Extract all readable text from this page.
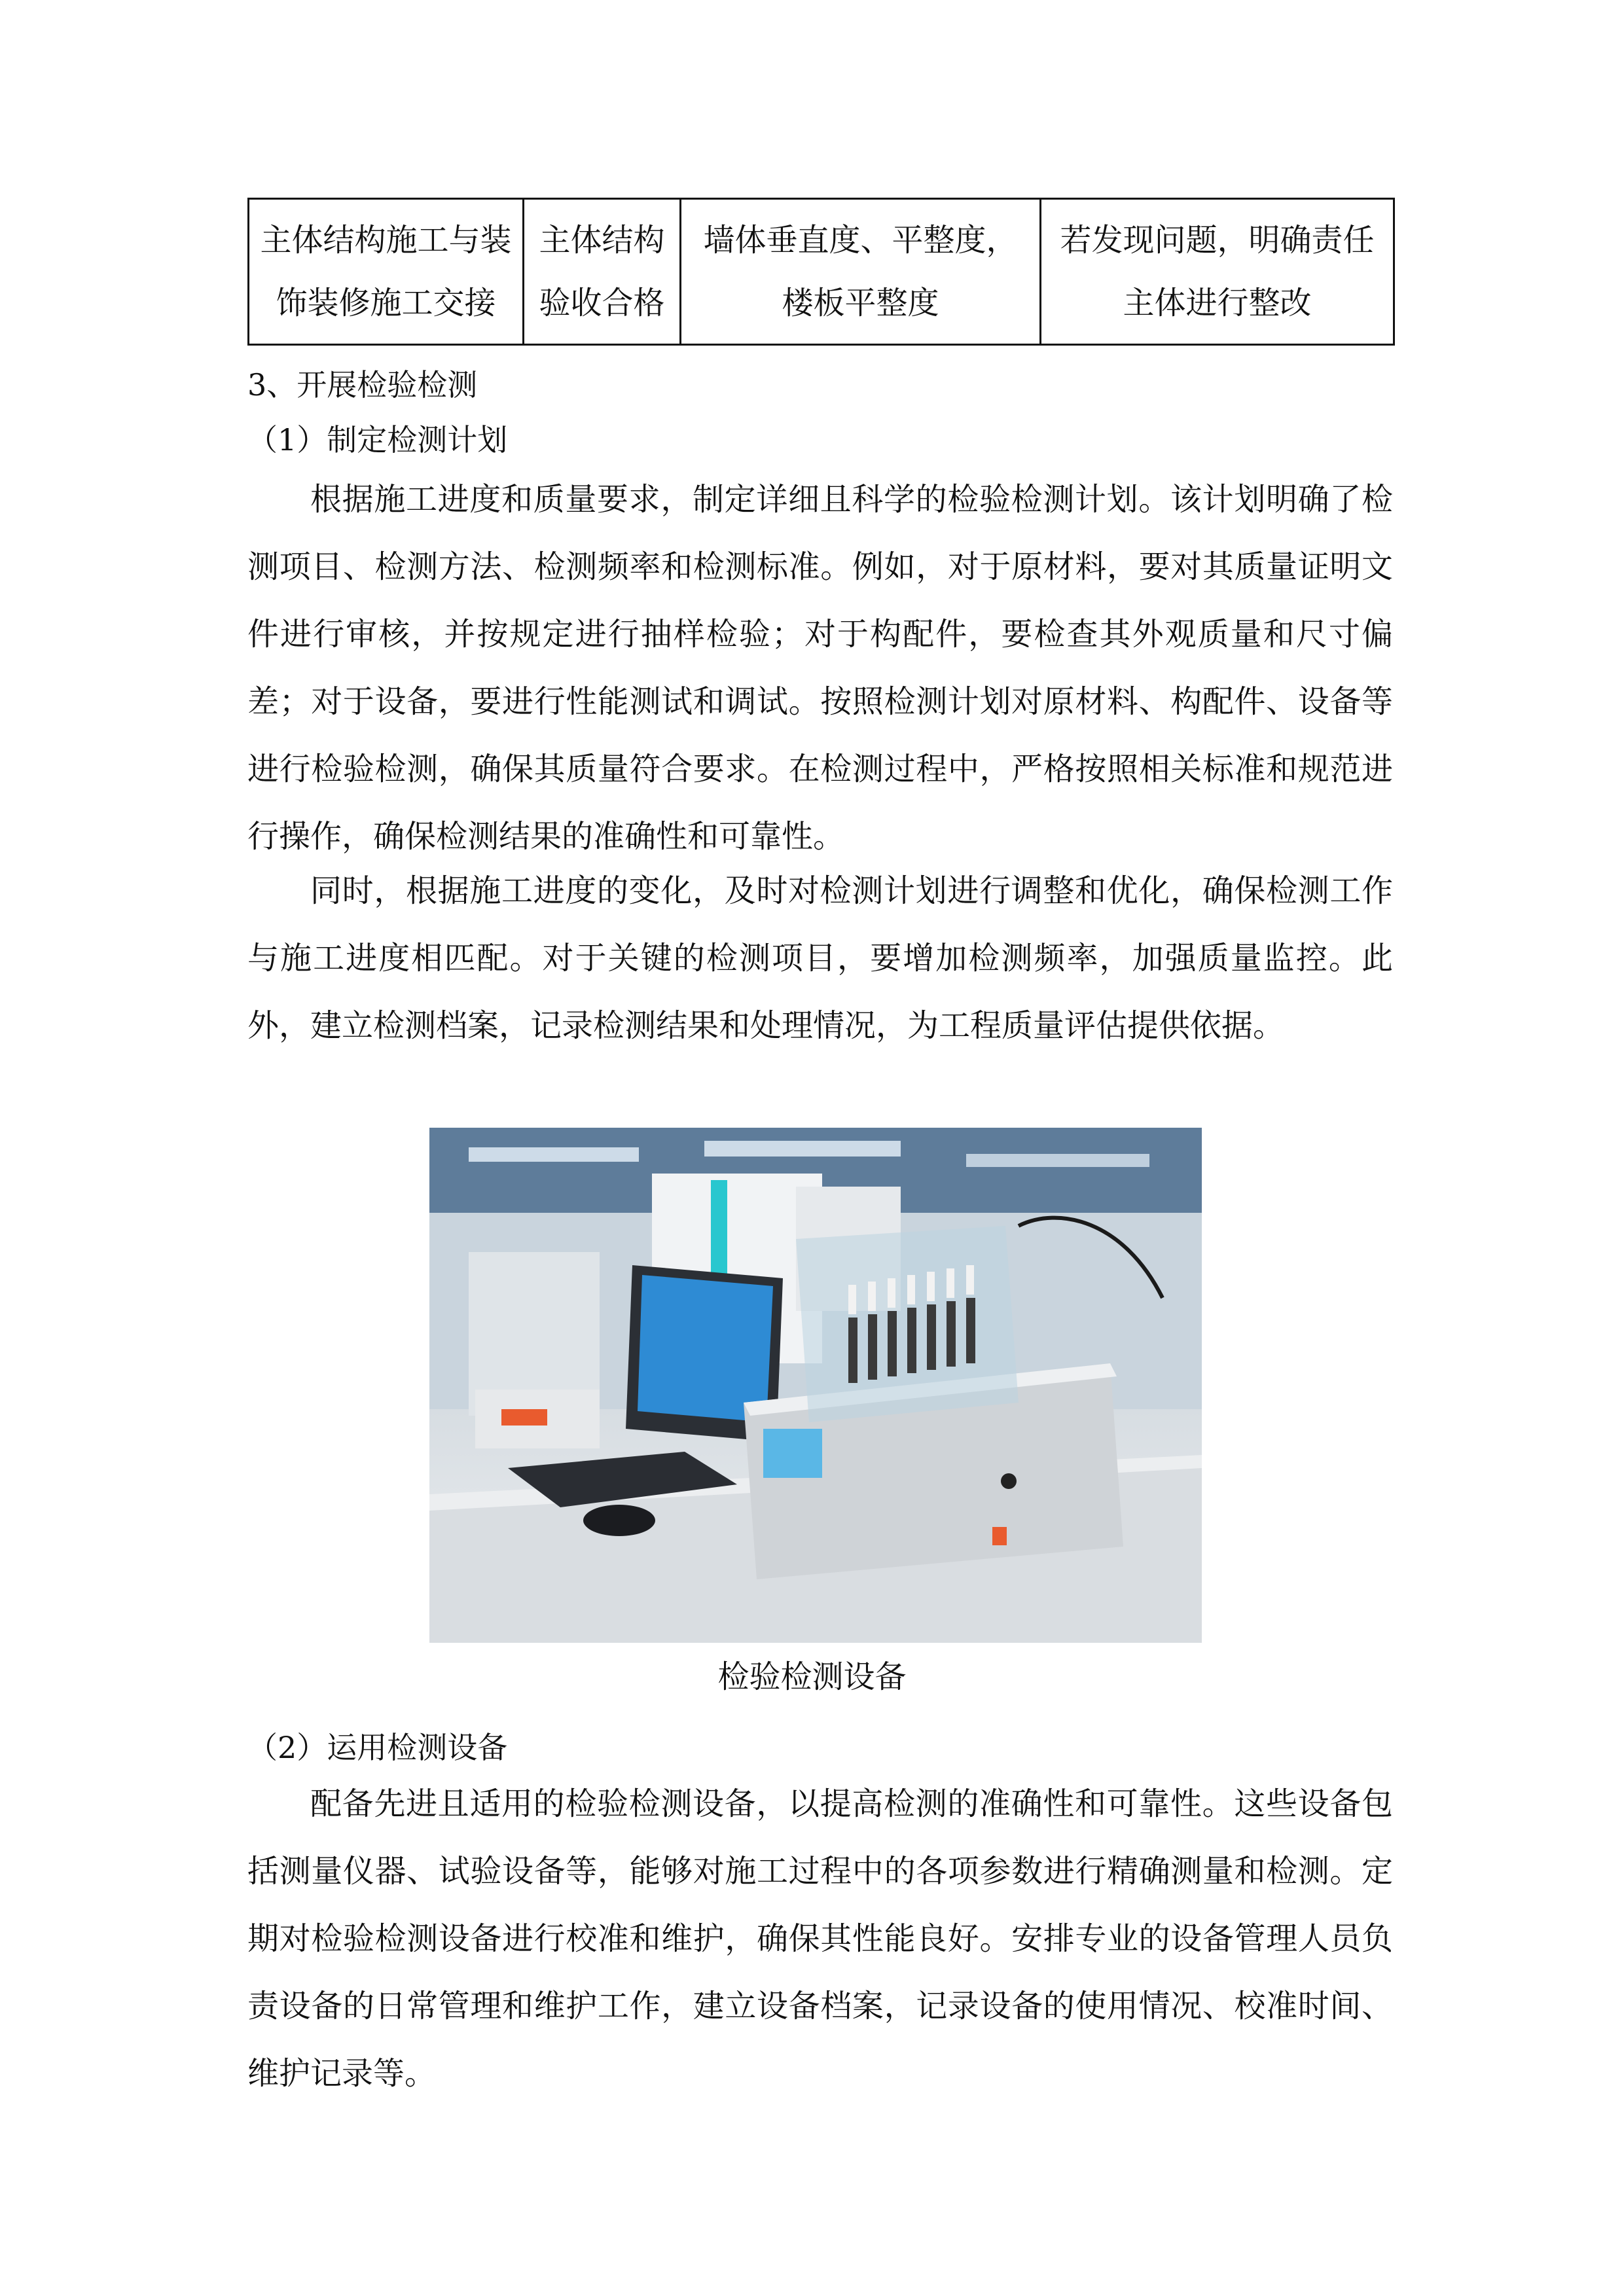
主体结构施工与装饰装修施工交接	主体结构验收合格	墙体垂直度、平整度，楼板平整度	若发现问题，明确责任主体进行整改
3、开展检验检测
（1）制定检测计划
根据施工进度和质量要求，制定详细且科学的检验检测计划。该计划明确了检测项目、检测方法、检测频率和检测标准。例如，对于原材料，要对其质量证明文件进行审核，并按规定进行抽样检验；对于构配件，要检查其外观质量和尺寸偏差；对于设备，要进行性能测试和调试。按照检测计划对原材料、构配件、设备等进行检验检测，确保其质量符合要求。在检测过程中，严格按照相关标准和规范进行操作，确保检测结果的准确性和可靠性。
同时，根据施工进度的变化，及时对检测计划进行调整和优化，确保检测工作与施工进度相匹配。对于关键的检测项目，要增加检测频率，加强质量监控。此外，建立检测档案，记录检测结果和处理情况，为工程质量评估提供依据。
检验检测设备
（2）运用检测设备
配备先进且适用的检验检测设备，以提高检测的准确性和可靠性。这些设备包括测量仪器、试验设备等，能够对施工过程中的各项参数进行精确测量和检测。定期对检验检测设备进行校准和维护，确保其性能良好。安排专业的设备管理人员负责设备的日常管理和维护工作，建立设备档案，记录设备的使用情况、校准时间、维护记录等。
